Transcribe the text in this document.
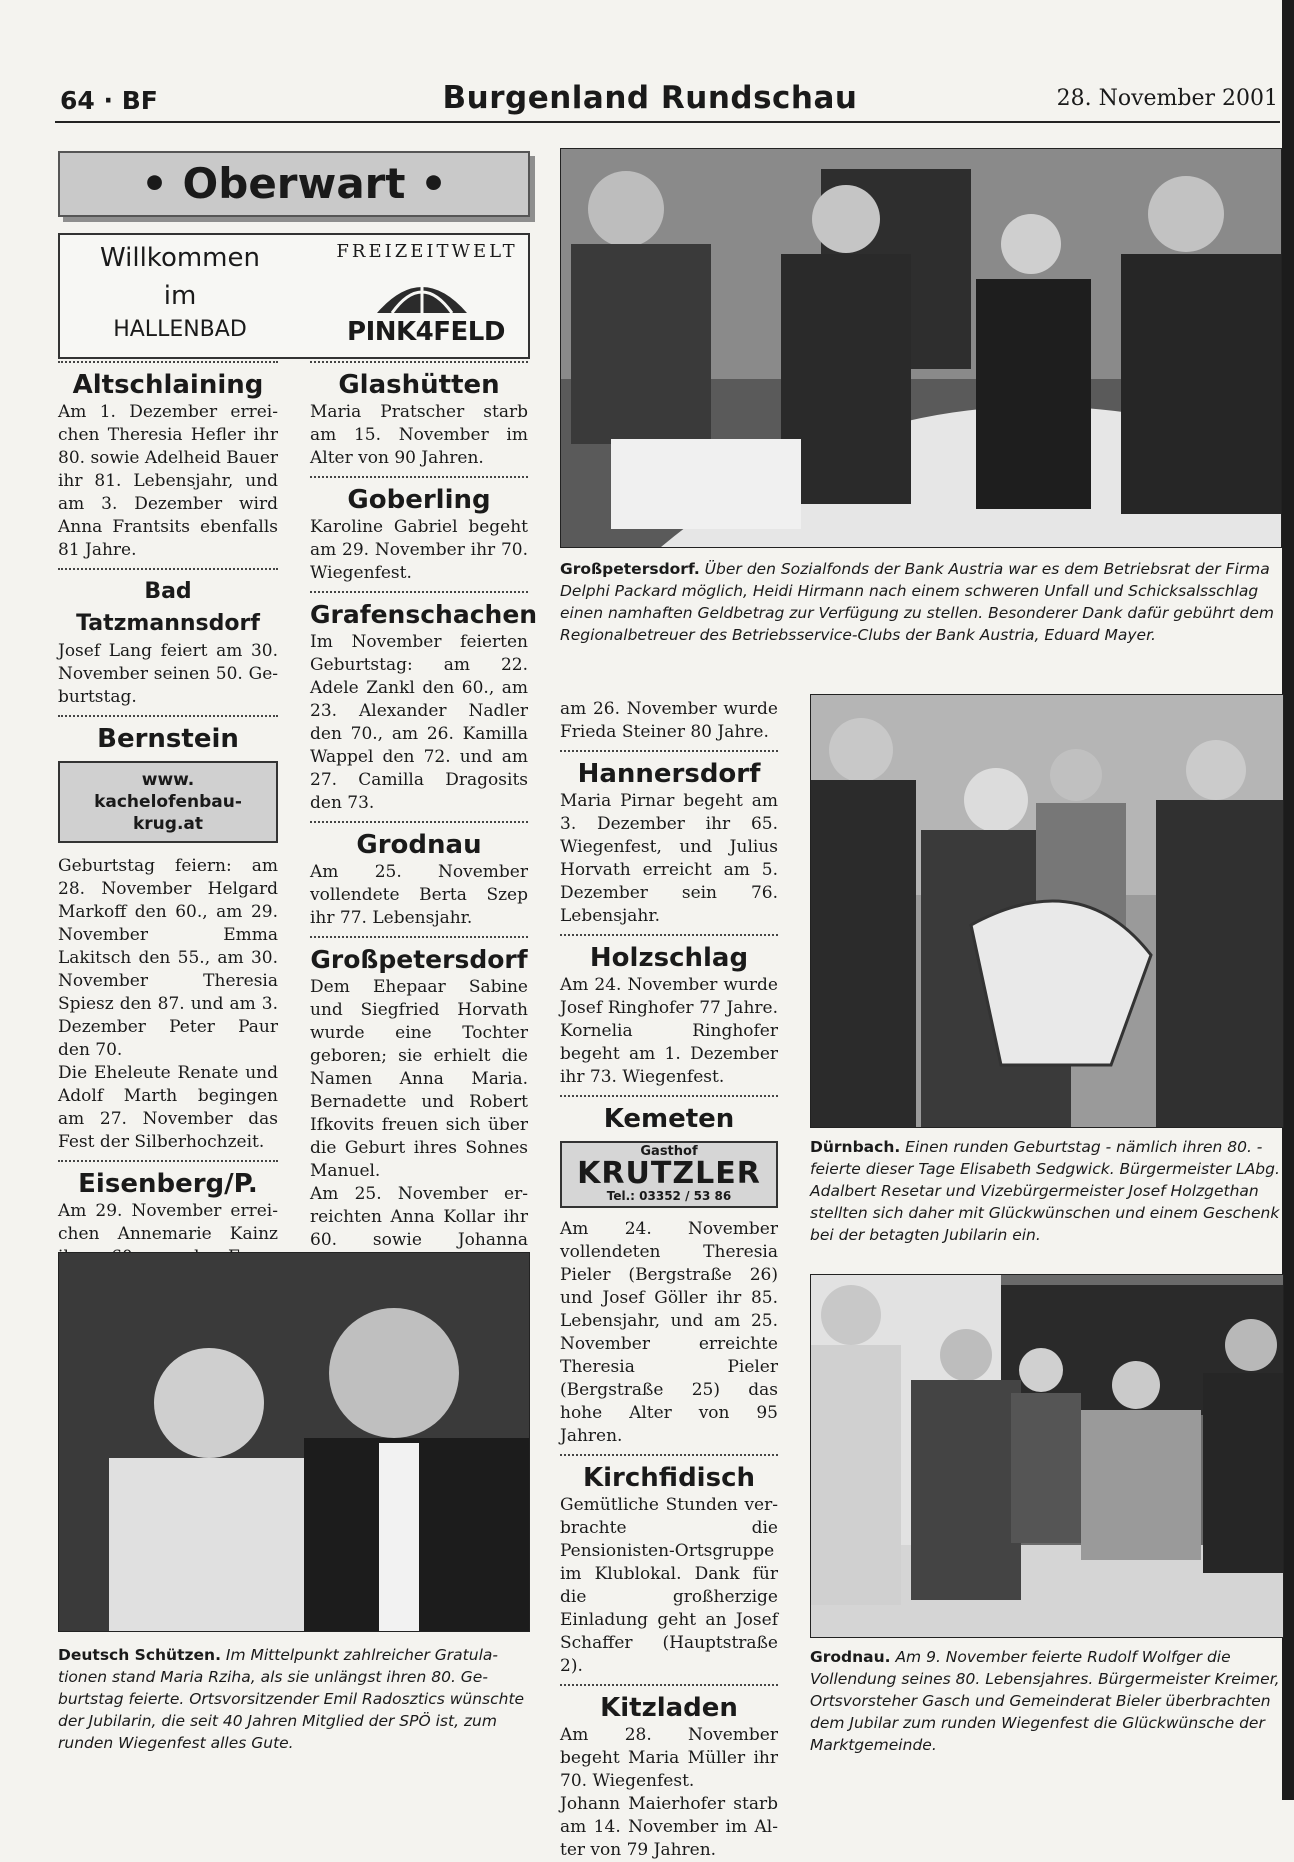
64 · BF	Burgenland Rundschau	28. November 2001
• Oberwart •
Willkommen
im
HALLENBAD
FREIZEITWELT
PINK4FELD

Altschlaining

Am 1. Dezember erreichen Theresia Hefler ihr 80. sowie Adelheid Bauer ihr 81. Lebensjahr, und am 3. Dezember wird Anna Frantsits ebenfalls 81 Jahre.

Bad Tatzmannsdorf

Josef Lang feiert am 30. November seinen 50. Geburtstag.

Bernstein

www.
kachelofenbau-krug.at

Geburtstag feiern: am 28. November Helgard Markoff den 60., am 29. November Emma Lakitsch den 55., am 30. November Theresia Spiesz den 87. und am 3. Dezember Peter Paur den 70.

Die Eheleute Renate und Adolf Marth begingen am 27. November das Fest der Silberhochzeit.

Eisenberg/P.

Am 29. November erreichen Annemarie Kainz

Glashütten

Maria Pratscher starb am 15. November im Alter von 90 Jahren.

Goberling

Karoline Gabriel begeht am 29. November ihr 70. Wiegenfest.

Grafenschachen

Im November feierten Geburtstag: am 22. Adele Zankl den 60., am 23. Alexander Nadler den 70., am 26. Kamilla Wappel den 72. und am 27. Camilla Dragosits den 73.

Grodnau

Am 25. November vollendete Berta Szep ihr 77. Lebensjahr.

Großpetersdorf

Dem Ehepaar Sabine und Siegfried Horvath wurde eine Tochter geboren; sie erhielt die Namen Anna Maria. Bernadette und Robert Ifkovits freuen sich über die Geburt ihres Sohnes Manuel.

Am 25. November erreichten Anna Kollar ihr 60. sowie Johanna

Großpetersdorf. Über den Sozialfonds der Bank Austria war es dem Betriebsrat der Firma Delphi Packard möglich, Heidi Hirmann nach einem schweren Unfall und Schicksalsschlag einen namhaften Geldbetrag zur Verfügung zu stellen. Besonderer Dank dafür gebührt dem Regionalbetreuer des Betriebsservice-Clubs der Bank Austria, Eduard Mayer.

am 26. November wurde Frieda Steiner 80 Jahre.

Hannersdorf

Maria Pirnar begeht am 3. Dezember ihr 65. Wiegenfest, und Julius Horvath erreicht am 5. Dezember sein 76. Lebensjahr.

Holzschlag

Am 24. November wurde Josef Ringhofer 77 Jahre. Kornelia Ringhofer begeht am 1. Dezember ihr 73. Wiegenfest.

Kemeten

Gasthof
KRUTZLER
Tel.: 03352 / 53 86

Am 24. November vollendeten Theresia Pieler (Bergstraße 26) und Josef Göller ihr 85. Lebensjahr, und am 25. November erreichte Theresia Pieler (Bergstraße 25) das hohe Alter von 95 Jahren.

Kirchfidisch

Gemütliche Stunden verbrachte die Pensionisten-Ortsgruppe im Klublokal. Dank für die großherzige Einladung geht an Josef Schaffer (Hauptstraße 2).

Kitzladen

Am 28. November begeht Maria Müller ihr 70. Wiegenfest.

Johann Maierhofer starb am 14. November im Alter von 79 Jahren.

Dürnbach. Einen runden Geburtstag - nämlich ihren 80. - feierte dieser Tage Elisabeth Sedgwick. Bürgermeister LAbg. Adalbert Resetar und Vizebürgermeister Josef Holzgethan stellten sich daher mit Glückwünschen und einem Geschenk bei der betagten Jubilarin ein.
Grodnau. Am 9. November feierte Rudolf Wolfger die Vollendung seines 80. Lebensjahres. Bürgermeister Kreimer, Ortsvorsteher Gasch und Gemeinderat Bieler überbrachten dem Jubilar zum runden Wiegenfest die Glückwünsche der Marktgemeinde.
Deutsch Schützen. Im Mittelpunkt zahlreicher Gratulationen stand Maria Rziha, als sie unlängst ihren 80. Geburtstag feierte. Ortsvorsitzender Emil Radosztics wünschte der Jubilarin, die seit 40 Jahren Mitglied der SPÖ ist, zum runden Wiegenfest alles Gute.
